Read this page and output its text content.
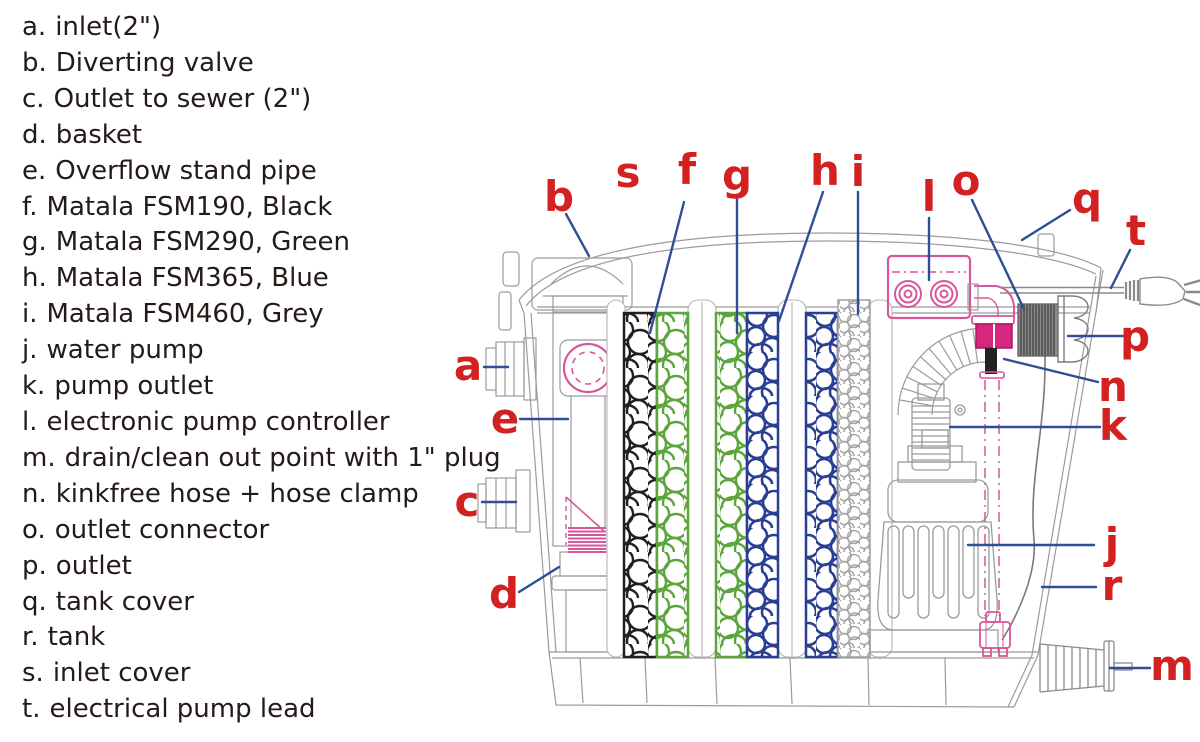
a. inlet(2")
b. Diverting valve
c. Outlet to sewer (2")
d. basket
e. Overflow stand pipe
f. Matala FSM190, Black
g. Matala FSM290, Green
h. Matala FSM365, Blue
i. Matala FSM460, Grey
j. water pump
k. pump outlet
l. electronic pump controller
m. drain/clean out point with 1" plug
n. kinkfree hose + hose clamp
o. outlet connector
p. outlet
q. tank cover
r. tank
s. inlet cover
t. electrical pump lead
a
b
c
d
e
f g h i
j
k
l
m
n
o
p
q
r
s
t
